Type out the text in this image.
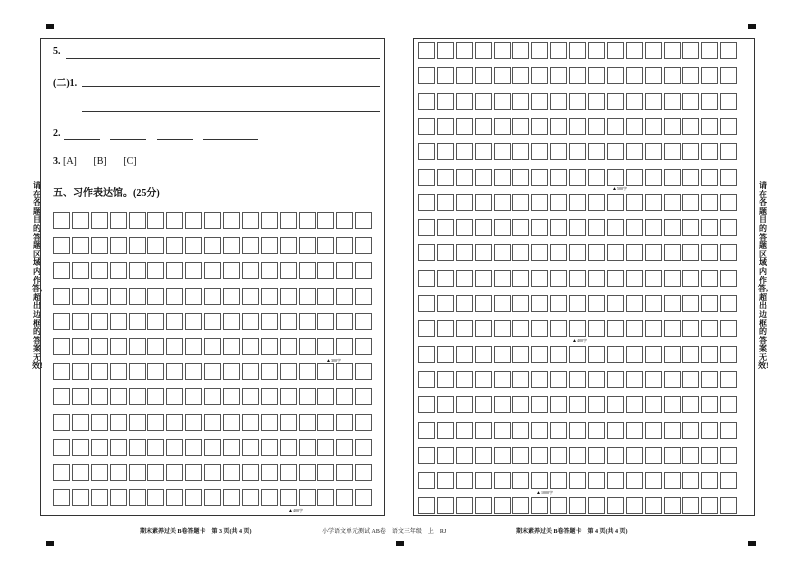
请在各题目的答题区域内作答,超出边框的答案无效!
请在各题目的答题区域内作答,超出边框的答案无效!
5.
(二)1.
2.
3. [A] [B] [C]
五、习作表达馆。(25分)
▲ 300字
▲ 400字
期末素养过关 B卷答题卡　第 3 页(共 4 页)	小学语文单元测试 AB卷　语文三年级　上　RJ
▲ 500字
▲ 400字
▲ 1000字
期末素养过关 B卷答题卡　第 4 页(共 4 页)
